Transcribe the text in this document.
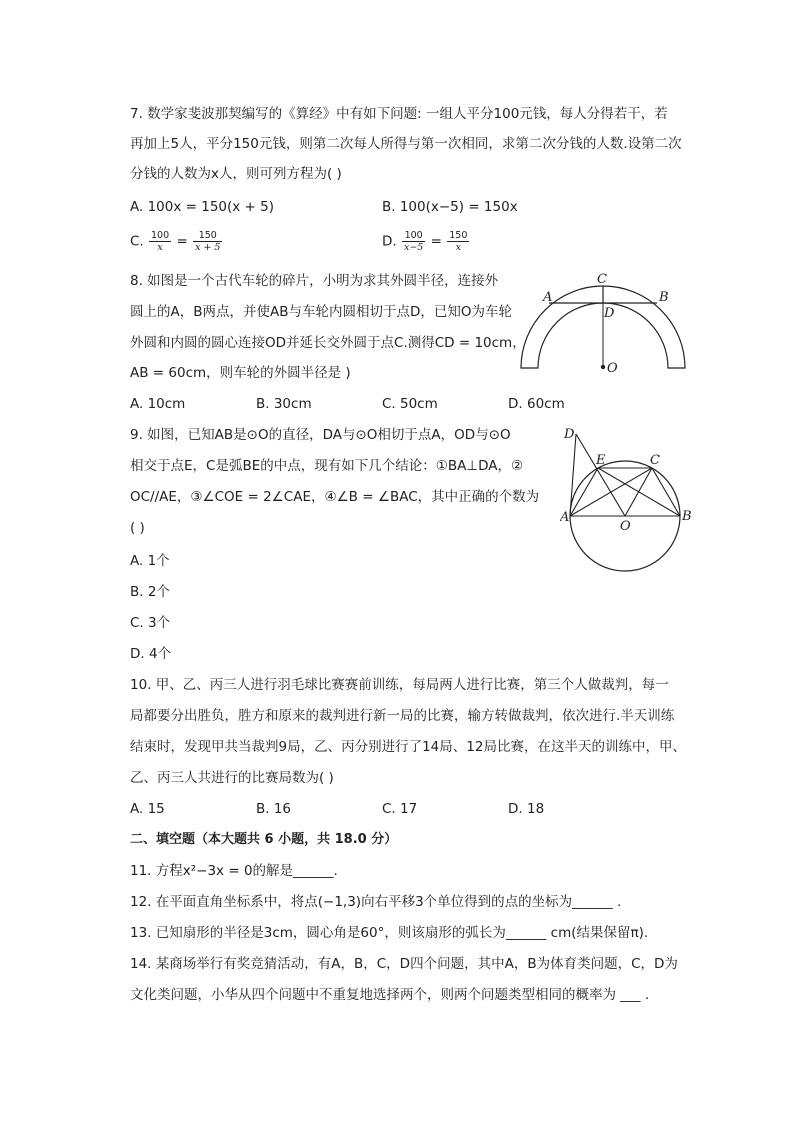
7. 数学家斐波那契编写的《算经》中有如下问题: 一组人平分100元钱，每人分得若干，若
再加上5人，平分150元钱，则第二次每人所得与第一次相同，求第二次分钱的人数.设第二次
分钱的人数为x人，则可列方程为( )
A. 100x = 150(x + 5)	B. 100(x−5) = 150x
C. $\frac{100}{x} = \frac{150}{x + 5}$	D. $\frac{100}{x-5} = \frac{150}{x}$
8. 如图是一个古代车轮的碎片，小明为求其外圆半径，连接外
圆上的A，B两点，并使AB与车轮内圆相切于点D，已知O为车轮
外圆和内圆的圆心连接OD并延长交外圆于点C.测得CD = 10cm，
AB = 60cm，则车轮的外圆半径是 )
A	B
C
D
O
A. 10cm	B. 30cm	C. 50cm	D. 60cm
9. 如图，已知AB是⊙O的直径，DA与⊙O相切于点A，OD与⊙O
相交于点E，C是弧BE的中点，现有如下几个结论：①BA⊥DA，②
OC//AE，③∠COE = 2∠CAE，④∠B = ∠BAC，其中正确的个数为
( )
D
E	C
A
O
B
A. 1个
B. 2个
C. 3个
D. 4个
10. 甲、乙、丙三人进行羽毛球比赛赛前训练，每局两人进行比赛，第三个人做裁判，每一
局都要分出胜负，胜方和原来的裁判进行新一局的比赛，输方转做裁判，依次进行.半天训练
结束时，发现甲共当裁判9局，乙、丙分别进行了14局、12局比赛，在这半天的训练中，甲、
乙、丙三人共进行的比赛局数为( )
A. 15	B. 16	C. 17	D. 18
二、填空题（本大题共 6 小题，共 18.0 分）
11. 方程x²−3x = 0的解是______.
12. 在平面直角坐标系中，将点(−1,3)向右平移3个单位得到的点的坐标为______ .
13. 已知扇形的半径是3cm，圆心角是60°，则该扇形的弧长为______ cm(结果保留π).
14. 某商场举行有奖竞猜活动，有A，B，C，D四个问题，其中A，B为体育类问题，C，D为
文化类问题，小华从四个问题中不重复地选择两个，则两个问题类型相同的概率为 ___ .
